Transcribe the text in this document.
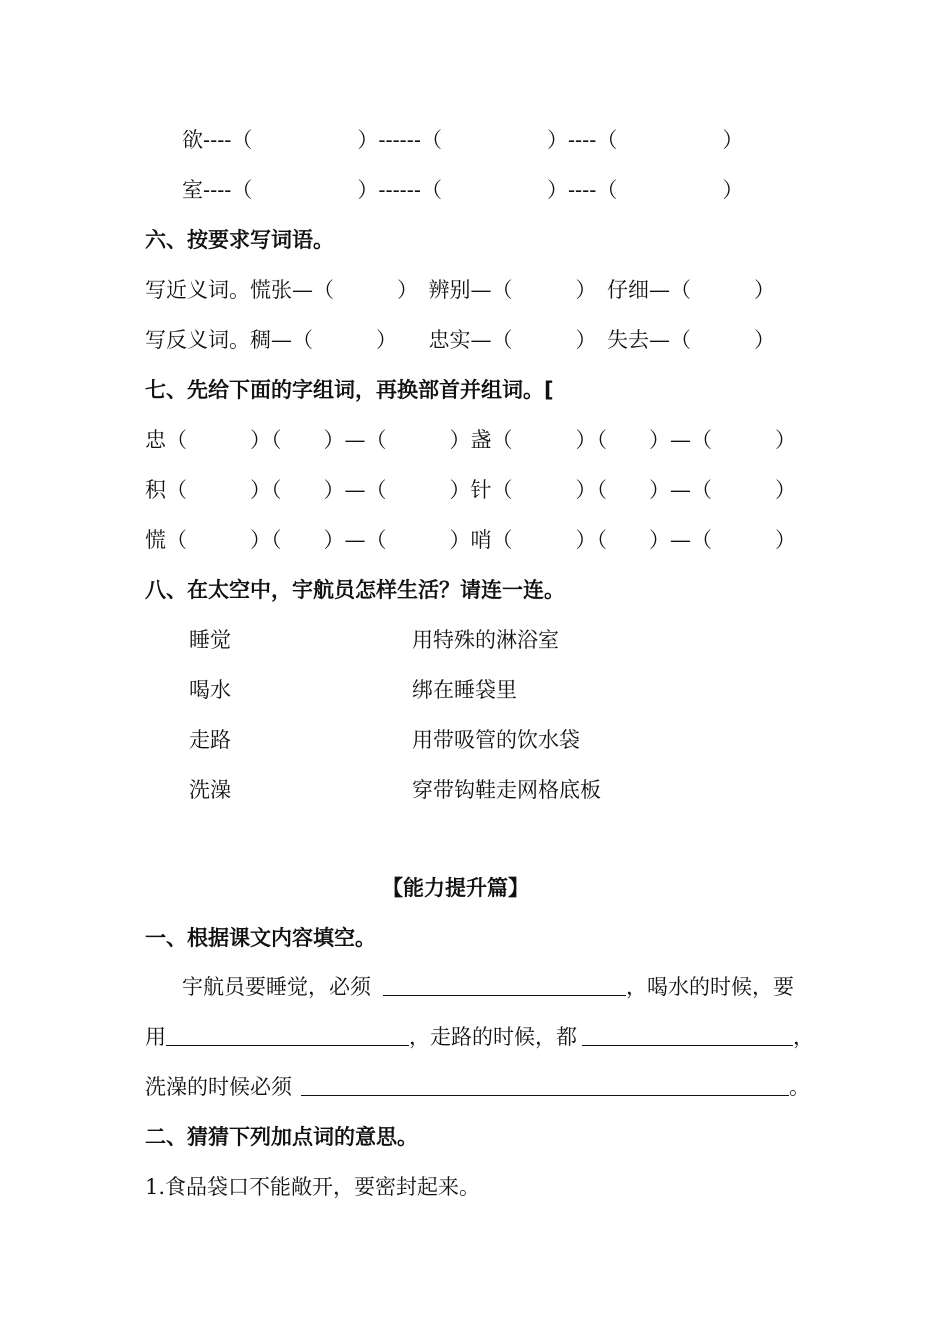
欲----（　　　　　）------（　　　　　）----（　　　　　）
室----（　　　　　）------（　　　　　）----（　　　　　）
六、按要求写词语。
写近义词。慌张—（　　　）　辨别—（　　　）　仔细—（　　　）
写反义词。稠—（　　　）　　忠实—（　　　）　失去—（　　　）
七、先给下面的字组词，再换部首并组词。[
忠（　　　）（　　）—（　　　）盏（　　　）（　　）—（　　　）
积（　　　）（　　）—（　　　）针（　　　）（　　）—（　　　）
慌（　　　）（　　）—（　　　）哨（　　　）（　　）—（　　　）
八、在太空中，宇航员怎样生活？请连一连。
睡觉	用特殊的淋浴室
喝水	绑在睡袋里
走路	用带吸管的饮水袋
洗澡	穿带钩鞋走网格底板
【能力提升篇】
一、根据课文内容填空。
宇航员要睡觉，必须	，喝水的时候，要
用	，走路的时候，都	，
洗澡的时候必须	。
二、猜猜下列加点词的意思。
1.食品袋口不能敞开，要密封起来。
